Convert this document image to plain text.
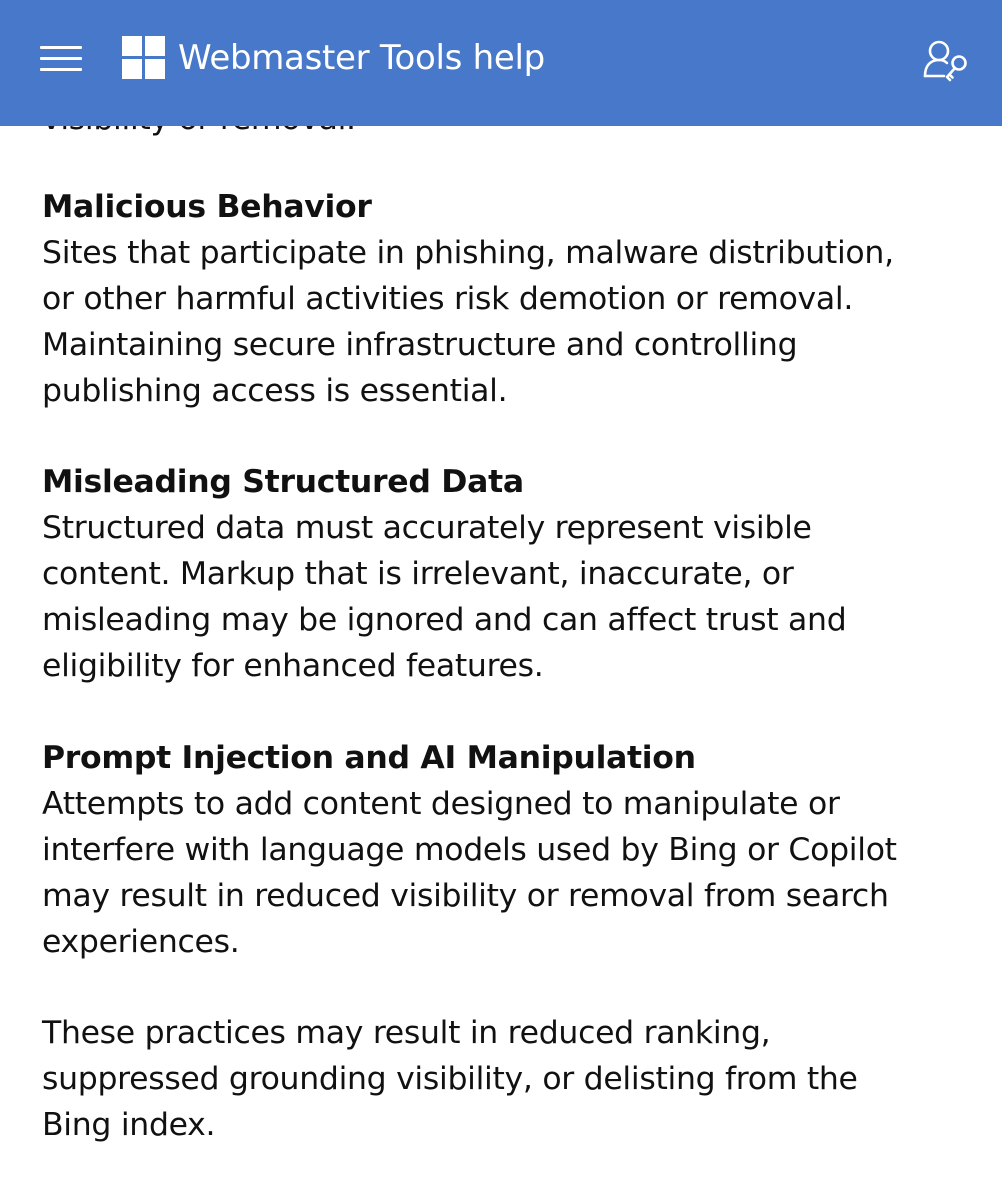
Webmaster Tools help
Malicious Behavior

Sites that participate in phishing, malware distribution,
or other harmful activities risk demotion or removal.
Maintaining secure infrastructure and controlling
publishing access is essential.

Misleading Structured Data

Structured data must accurately represent visible
content. Markup that is irrelevant, inaccurate, or
misleading may be ignored and can affect trust and
eligibility for enhanced features.

Prompt Injection and AI Manipulation

Attempts to add content designed to manipulate or
interfere with language models used by Bing or Copilot
may result in reduced visibility or removal from search
experiences.

These practices may result in reduced ranking,
suppressed grounding visibility, or delisting from the
Bing index.
